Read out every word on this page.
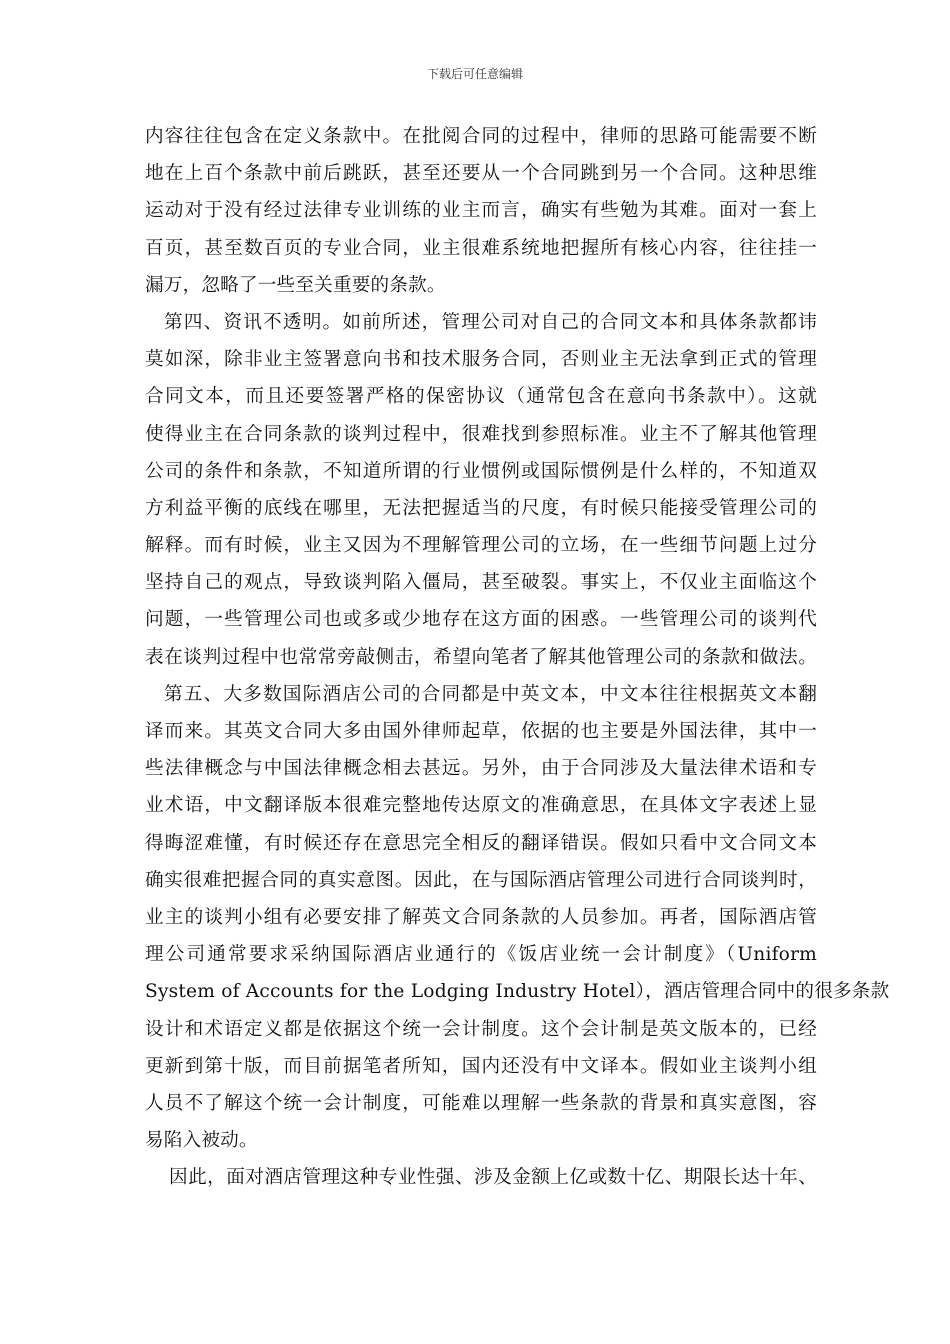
下载后可任意编辑
内容往往包含在定义条款中。在批阅合同的过程中，律师的思路可能需要不断
地在上百个条款中前后跳跃，甚至还要从一个合同跳到另一个合同。这种思维
运动对于没有经过法律专业训练的业主而言，确实有些勉为其难。面对一套上
百页，甚至数百页的专业合同，业主很难系统地把握所有核心内容，往往挂一
漏万，忽略了一些至关重要的条款。
第四、资讯不透明。如前所述，管理公司对自己的合同文本和具体条款都讳
莫如深，除非业主签署意向书和技术服务合同，否则业主无法拿到正式的管理
合同文本，而且还要签署严格的保密协议（通常包含在意向书条款中）。这就
使得业主在合同条款的谈判过程中，很难找到参照标准。业主不了解其他管理
公司的条件和条款，不知道所谓的行业惯例或国际惯例是什么样的，不知道双
方利益平衡的底线在哪里，无法把握适当的尺度，有时候只能接受管理公司的
解释。而有时候，业主又因为不理解管理公司的立场，在一些细节问题上过分
坚持自己的观点，导致谈判陷入僵局，甚至破裂。事实上，不仅业主面临这个
问题，一些管理公司也或多或少地存在这方面的困惑。一些管理公司的谈判代
表在谈判过程中也常常旁敲侧击，希望向笔者了解其他管理公司的条款和做法。
第五、大多数国际酒店公司的合同都是中英文本，中文本往往根据英文本翻
译而来。其英文合同大多由国外律师起草，依据的也主要是外国法律，其中一
些法律概念与中国法律概念相去甚远。另外，由于合同涉及大量法律术语和专
业术语，中文翻译版本很难完整地传达原文的准确意思，在具体文字表述上显
得晦涩难懂，有时候还存在意思完全相反的翻译错误。假如只看中文合同文本
确实很难把握合同的真实意图。因此，在与国际酒店管理公司进行合同谈判时，
业主的谈判小组有必要安排了解英文合同条款的人员参加。再者，国际酒店管
理公司通常要求采纳国际酒店业通行的《饭店业统一会计制度》（Uniform
System of Accounts for the Lodging Industry Hotel），酒店管理合同中的很多条款
设计和术语定义都是依据这个统一会计制度。这个会计制是英文版本的，已经
更新到第十版，而目前据笔者所知，国内还没有中文译本。假如业主谈判小组
人员不了解这个统一会计制度，可能难以理解一些条款的背景和真实意图，容
易陷入被动。
因此，面对酒店管理这种专业性强、涉及金额上亿或数十亿、期限长达十年、
